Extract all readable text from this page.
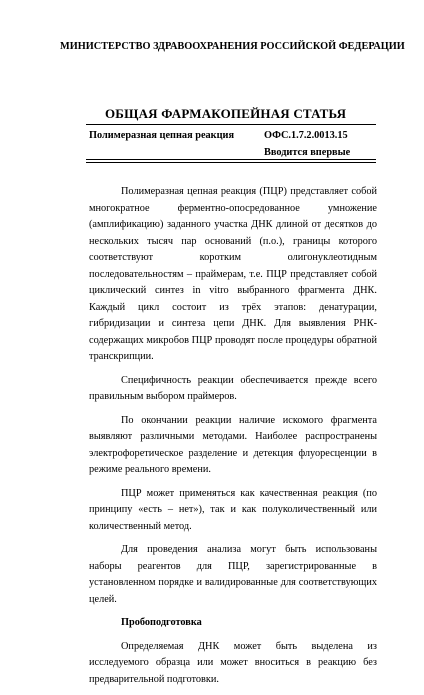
МИНИСТЕРСТВО ЗДРАВООХРАНЕНИЯ РОССИЙСКОЙ ФЕДЕРАЦИИ
ОБЩАЯ ФАРМАКОПЕЙНАЯ СТАТЬЯ
Полимеразная цепная реакция	ОФС.1.7.2.0013.15
Вводится впервые

Полимеразная цепная реакция (ПЦР) представляет собой многократное ферментно-опосредованное умножение (амплификацию) заданного участка ДНК длиной от десятков до нескольких тысяч пар оснований (п.о.), границы которого соответствуют коротким олигонуклеотидным последовательностям – праймерам, т.е. ПЦР представляет собой циклический синтез in vitro выбранного фрагмента ДНК. Каждый цикл состоит из трёх этапов: денатурации, гибридизации и синтеза цепи ДНК. Для выявления РНК-содержащих микробов ПЦР проводят после процедуры обратной транскрипции.

Специфичность реакции обеспечивается прежде всего правильным выбором праймеров.

По окончании реакции наличие искомого фрагмента выявляют различными методами. Наиболее распространены электрофоретическое разделение и детекция флуоресценции в режиме реального времени.

ПЦР может применяться как качественная реакция (по принципу «есть – нет»), так и как полуколичественный или количественный метод.

Для проведения анализа могут быть использованы наборы реагентов для ПЦР, зарегистрированные в установленном порядке и валидированные для соответствующих целей.

Пробоподготовка

Определяемая ДНК может быть выделена из исследуемого образца или может вноситься в реакцию без предварительной подготовки.
